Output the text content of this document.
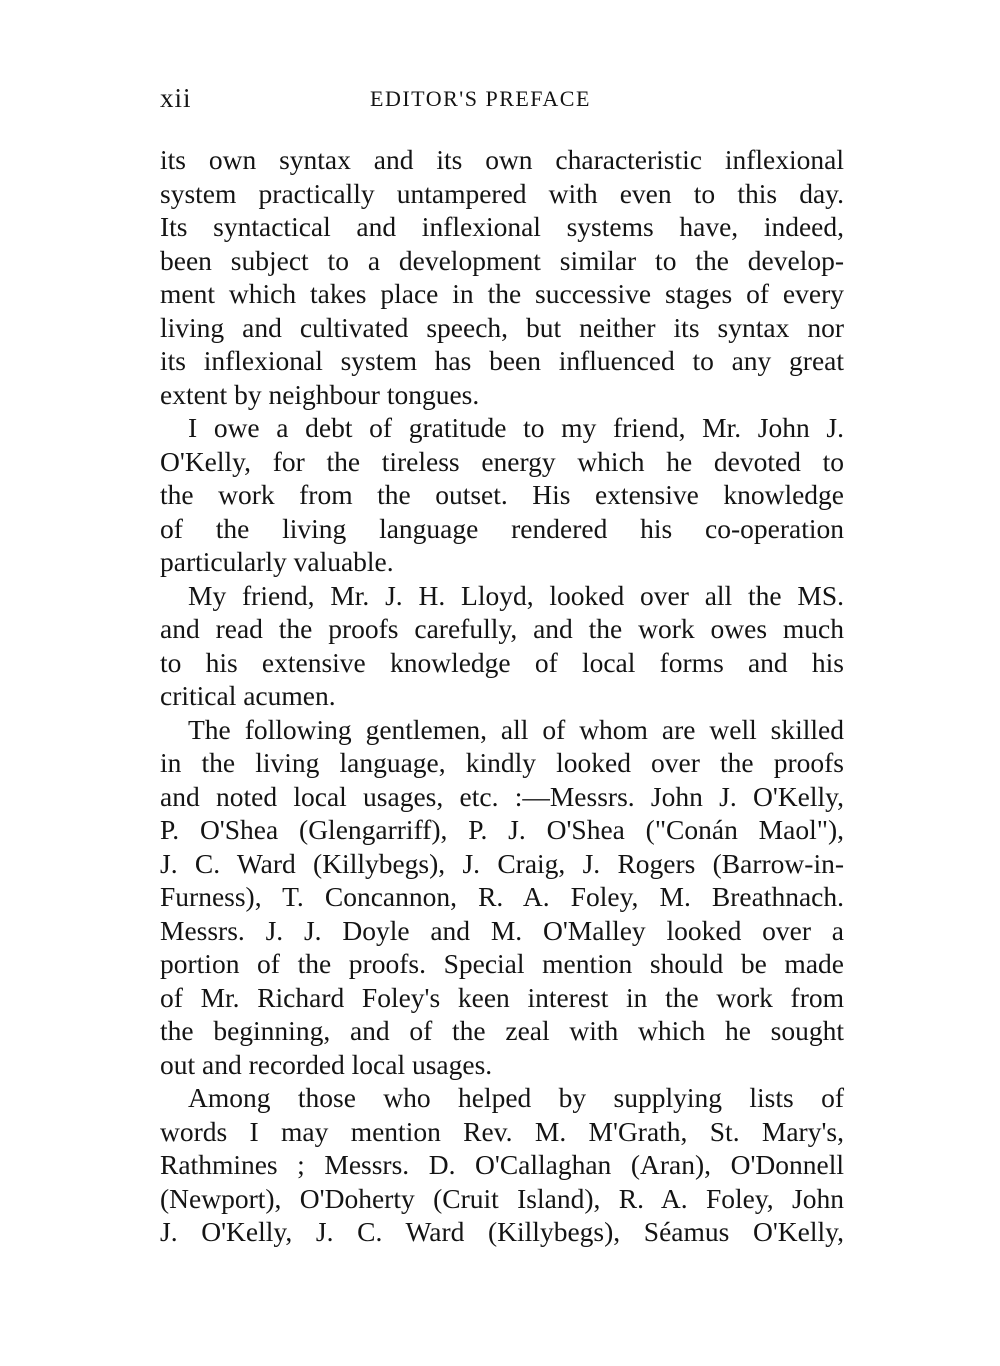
xii	EDITOR'S PREFACE
its own syntax and its own characteristic inflexional
system practically untampered with even to this day.
Its syntactical and inflexional systems have, indeed,
been subject to a development similar to the develop-
ment which takes place in the successive stages of every
living and cultivated speech, but neither its syntax nor
its inflexional system has been influenced to any great
extent by neighbour tongues.
I owe a debt of gratitude to my friend, Mr. John J.
O'Kelly, for the tireless energy which he devoted to
the work from the outset. His extensive knowledge
of the living language rendered his co-operation
particularly valuable.
My friend, Mr. J. H. Lloyd, looked over all the MS.
and read the proofs carefully, and the work owes much
to his extensive knowledge of local forms and his
critical acumen.
The following gentlemen, all of whom are well skilled
in the living language, kindly looked over the proofs
and noted local usages, etc. :—Messrs. John J. O'Kelly,
P. O'Shea (Glengarriff), P. J. O'Shea ("Conán Maol"),
J. C. Ward (Killybegs), J. Craig, J. Rogers (Barrow-in-
Furness), T. Concannon, R. A. Foley, M. Breathnach.
Messrs. J. J. Doyle and M. O'Malley looked over a
portion of the proofs. Special mention should be made
of Mr. Richard Foley's keen interest in the work from
the beginning, and of the zeal with which he sought
out and recorded local usages.
Among those who helped by supplying lists of
words I may mention Rev. M. M'Grath, St. Mary's,
Rathmines ; Messrs. D. O'Callaghan (Aran), O'Donnell
(Newport), O'Doherty (Cruit Island), R. A. Foley, John
J. O'Kelly, J. C. Ward (Killybegs), Séamus O'Kelly,
